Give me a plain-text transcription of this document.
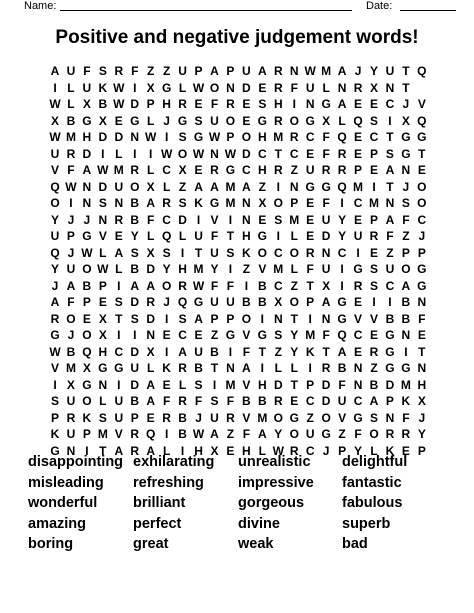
Name:	Date:
Positive and negative judgement words!
A U F S R F Z Z U P A P U A R N W M A J Y U T Q
I L U K W I X G L W O N D E R F U L N R X N T
W L X B W D P H R E F R E S H I N G A E E C J V
X B G X E G L J G S U O E G R O G X L Q S I X Q
W M H D D N W I S G W P O H M R C F Q E C T G G
U R D I L I	I W O W N W D C T C E F R E P S G T
V F A W M R L C X E R G C H R Z U R R P E A N E
Q W N D U O X L Z A A M A Z I N G G Q M I T J O
O I N S N B A R S K G M N X O P E F I C M N S O
Y J J N R B F C D I V I N E S M E U Y E P A F C
U P G V E Y L Q L U F T H G I L E D Y U R F Z J
Q J W L A S X S I T U S K O C O R N C I E Z P P
Y U O W L B D Y H M Y I Z V M L F U I G S U O G
J A B P I A A O R W F F I B C Z T X I R S C A G
A F P E S D R J Q G U U B B X O P A G E I	I B N
R O E X T S D I S A P P O I N T I N G V V B B F
G J O X I	I N E C E Z G V G S Y M F Q C E G N E
W B Q H C D X I A U B I F T Z Y K T A E R G I T
V M X G G U L K R B T N A I L L I R B N Z G G N
I X G N I D A E L S I M V H D T P D F N B D M H
S U O L U B A F R F S F B B R E C D U C A P K X
P R K S U P E R B J U R V M O G Z O V G S N F J
K U P M V R Q I B W A Z F A Y O U G Z F O R R Y
G N I T A R A L I H X E H L W R C J P Y L K E P
disappointing exhilarating	unrealistic	delightful
misleading	refreshing	impressive	fantastic
wonderful	brilliant	gorgeous	fabulous
amazing	perfect	divine	superb
boring	great	weak	bad
